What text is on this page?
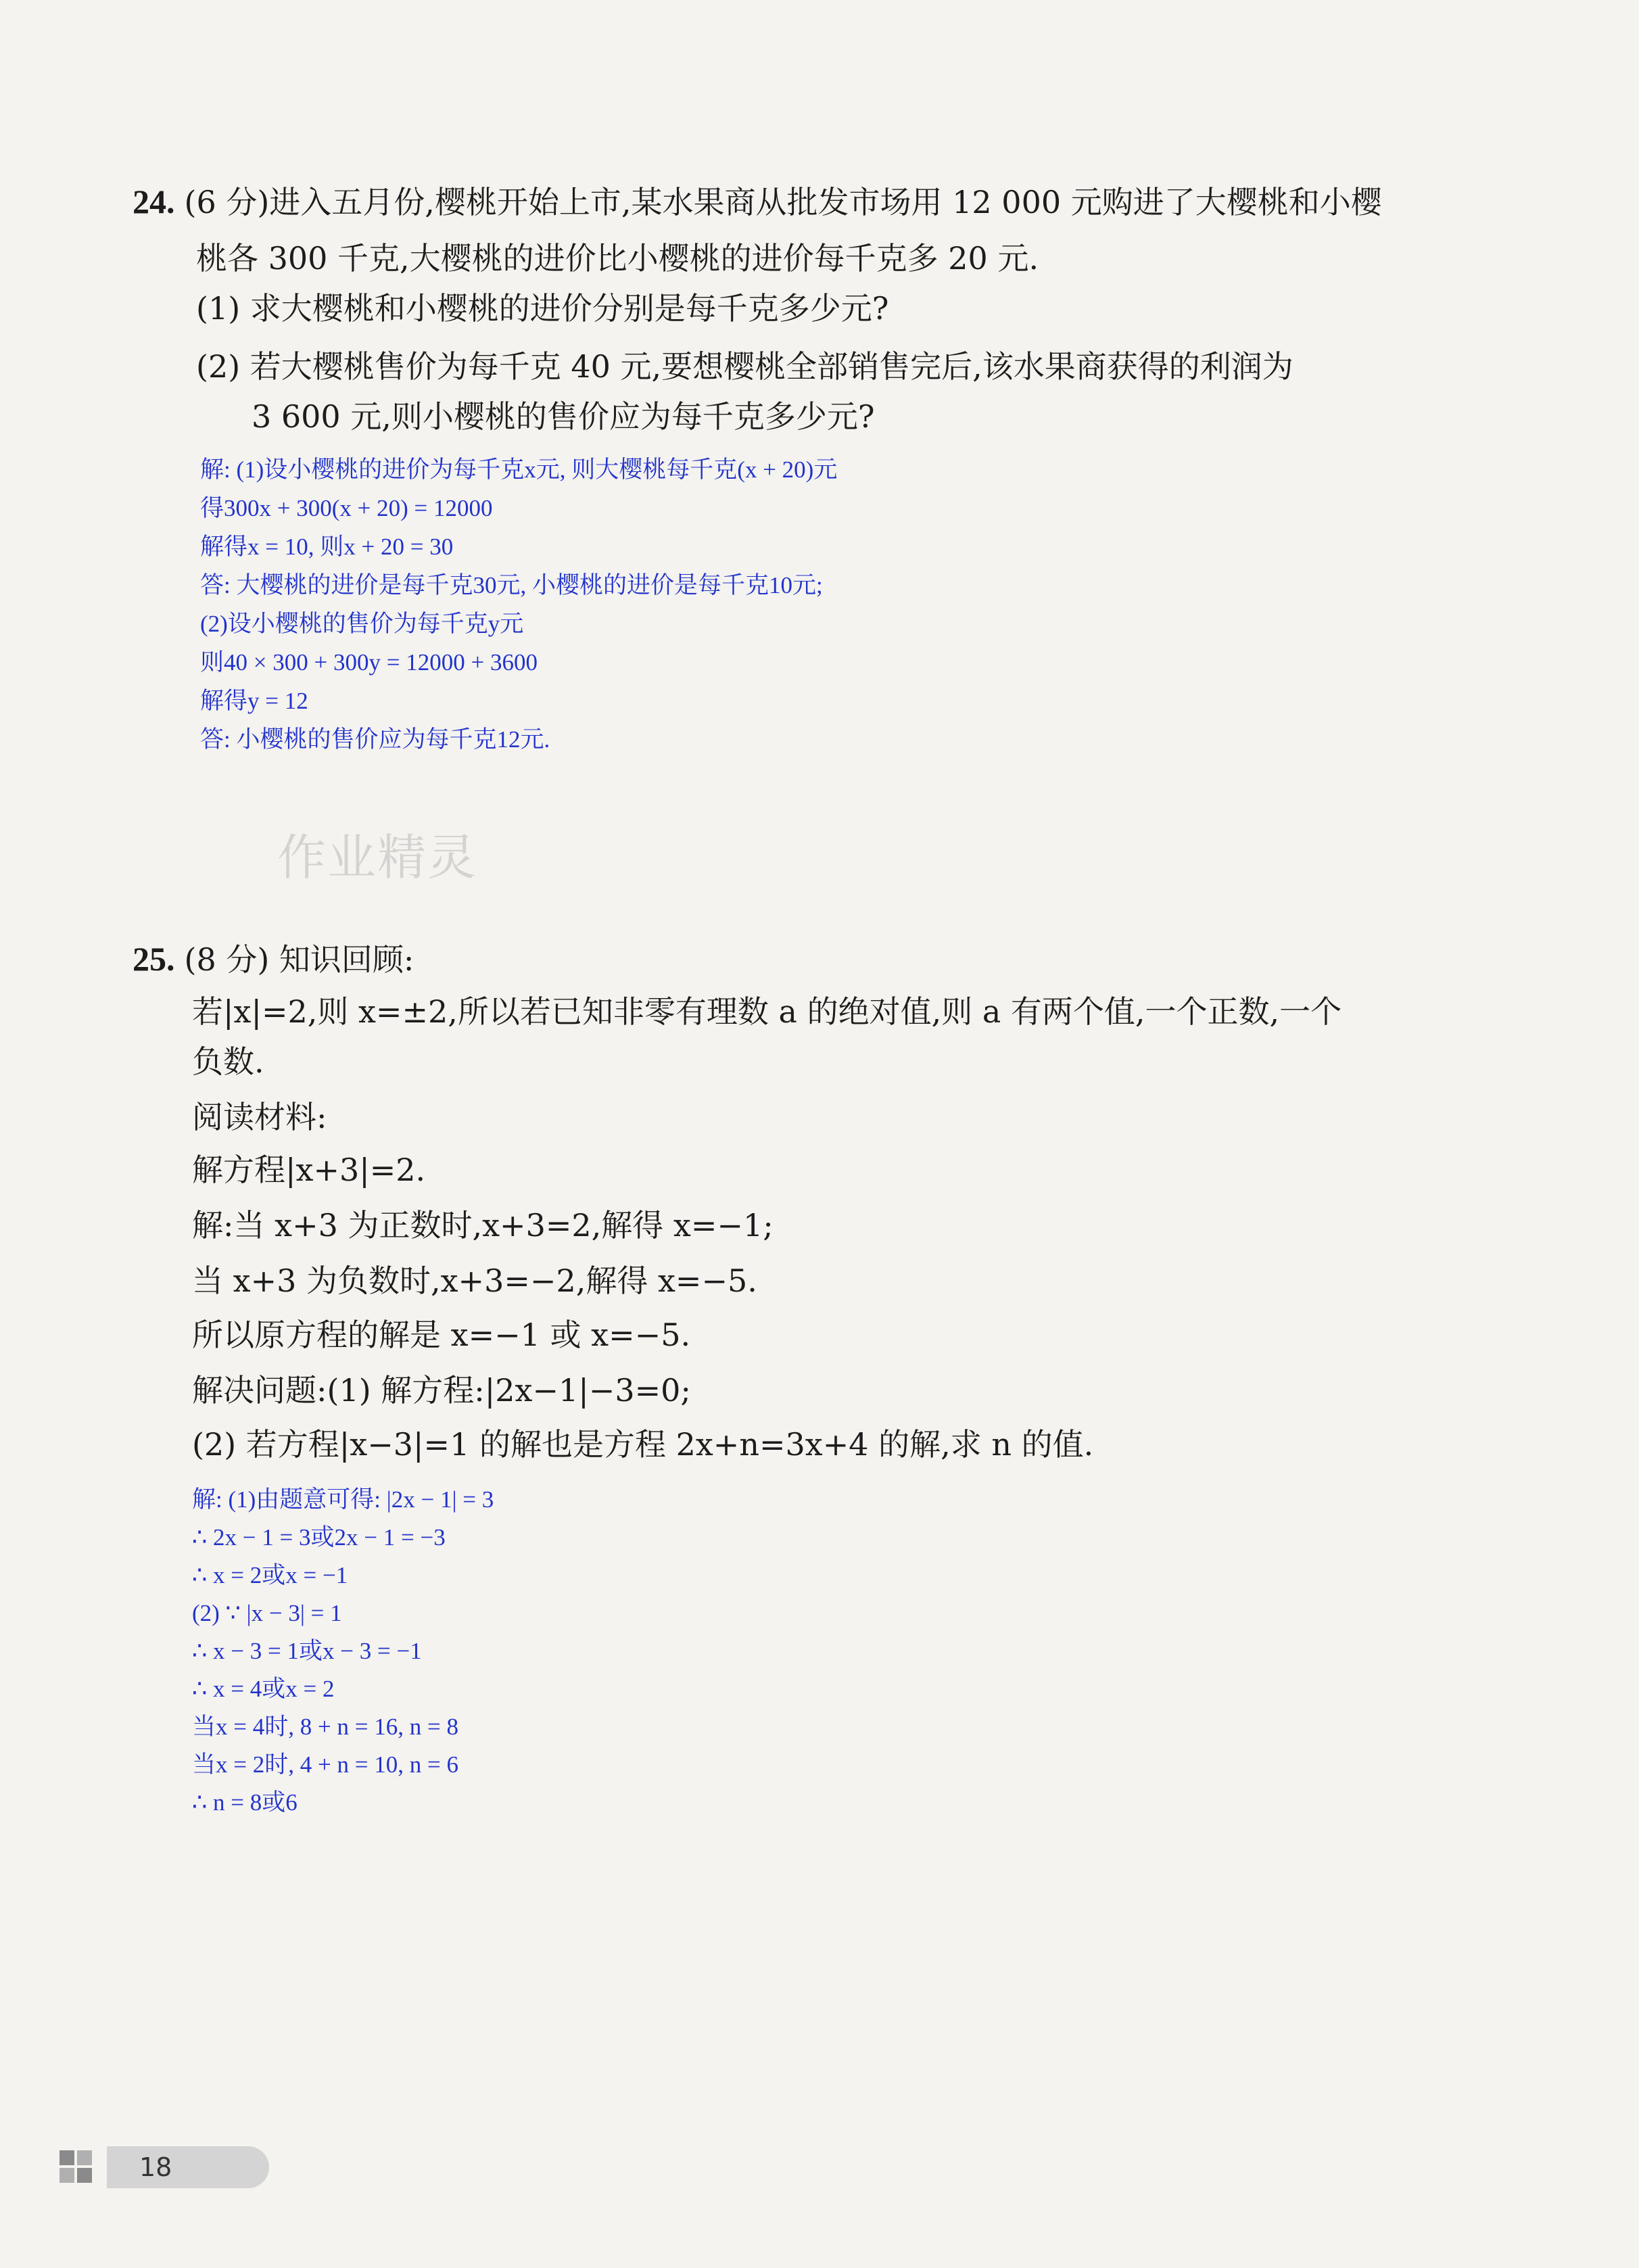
24. (6 分)进入五月份,樱桃开始上市,某水果商从批发市场用 12 000 元购进了大樱桃和小樱
桃各 300 千克,大樱桃的进价比小樱桃的进价每千克多 20 元.
(1) 求大樱桃和小樱桃的进价分别是每千克多少元?
(2) 若大樱桃售价为每千克 40 元,要想樱桃全部销售完后,该水果商获得的利润为
3 600 元,则小樱桃的售价应为每千克多少元?
解: (1)设小樱桃的进价为每千克x元, 则大樱桃每千克(x + 20)元
得300x + 300(x + 20) = 12000
解得x = 10, 则x + 20 = 30
答: 大樱桃的进价是每千克30元, 小樱桃的进价是每千克10元;
(2)设小樱桃的售价为每千克y元
则40 × 300 + 300y = 12000 + 3600
解得y = 12
答: 小樱桃的售价应为每千克12元.
作业精灵
25. (8 分) 知识回顾:
若|x|=2,则 x=±2,所以若已知非零有理数 a 的绝对值,则 a 有两个值,一个正数,一个
负数.
阅读材料:
解方程|x+3|=2.
解:当 x+3 为正数时,x+3=2,解得 x=−1;
当 x+3 为负数时,x+3=−2,解得 x=−5.
所以原方程的解是 x=−1 或 x=−5.
解决问题:(1) 解方程:|2x−1|−3=0;
(2) 若方程|x−3|=1 的解也是方程 2x+n=3x+4 的解,求 n 的值.
解: (1)由题意可得: |2x − 1| = 3
∴ 2x − 1 = 3或2x − 1 = −3
∴ x = 2或x = −1
(2) ∵ |x − 3| = 1
∴ x − 3 = 1或x − 3 = −1
∴ x = 4或x = 2
当x = 4时, 8 + n = 16, n = 8
当x = 2时, 4 + n = 10, n = 6
∴ n = 8或6
18
